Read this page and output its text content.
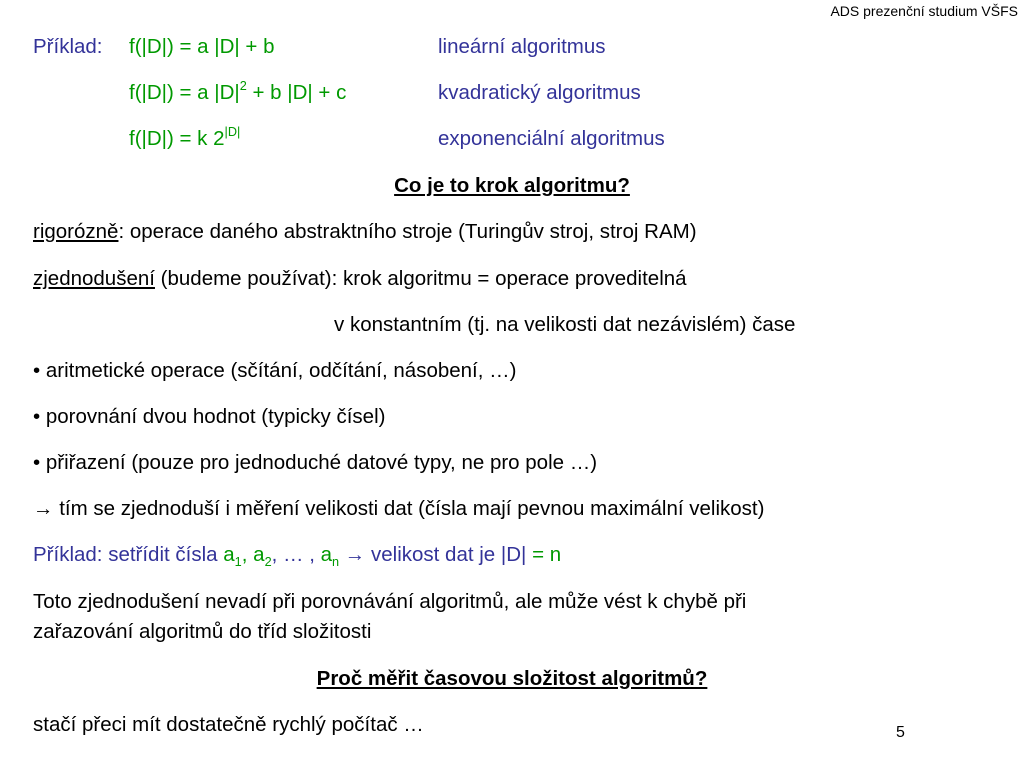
ADS prezenční studium VŠFS
Příklad: f(|D|) = a |D| + b	lineární algoritmus
f(|D|) = a $|D|^2 + b$ |D| + c	kvadratický algoritmus
f(|D|) = k $2^{|D|}$	exponenciální algoritmus
Co je to krok algoritmu?
rigorózně: operace daného abstraktního stroje (Turingův stroj, stroj RAM)
zjednodušení (budeme používat): krok algoritmu = operace proveditelná
v konstantním (tj. na velikosti dat nezávislém) čase
• aritmetické operace (sčítání, odčítání, násobení, …)
• porovnání dvou hodnot (typicky čísel)
• přiřazení (pouze pro jednoduché datové typy, ne pro pole …)
→ tím se zjednoduší i měření velikosti dat (čísla mají pevnou maximální velikost)
Příklad: setřídit čísla $a_1$, $a_2$, … , $a_n$ → velikost dat je |D| = n
Toto zjednodušení nevadí při porovnávání algoritmů, ale může vést k chybě při
zařazování algoritmů do tříd složitosti
Proč měřit časovou složitost algoritmů?
stačí přeci mít dostatečně rychlý počítač …	5
